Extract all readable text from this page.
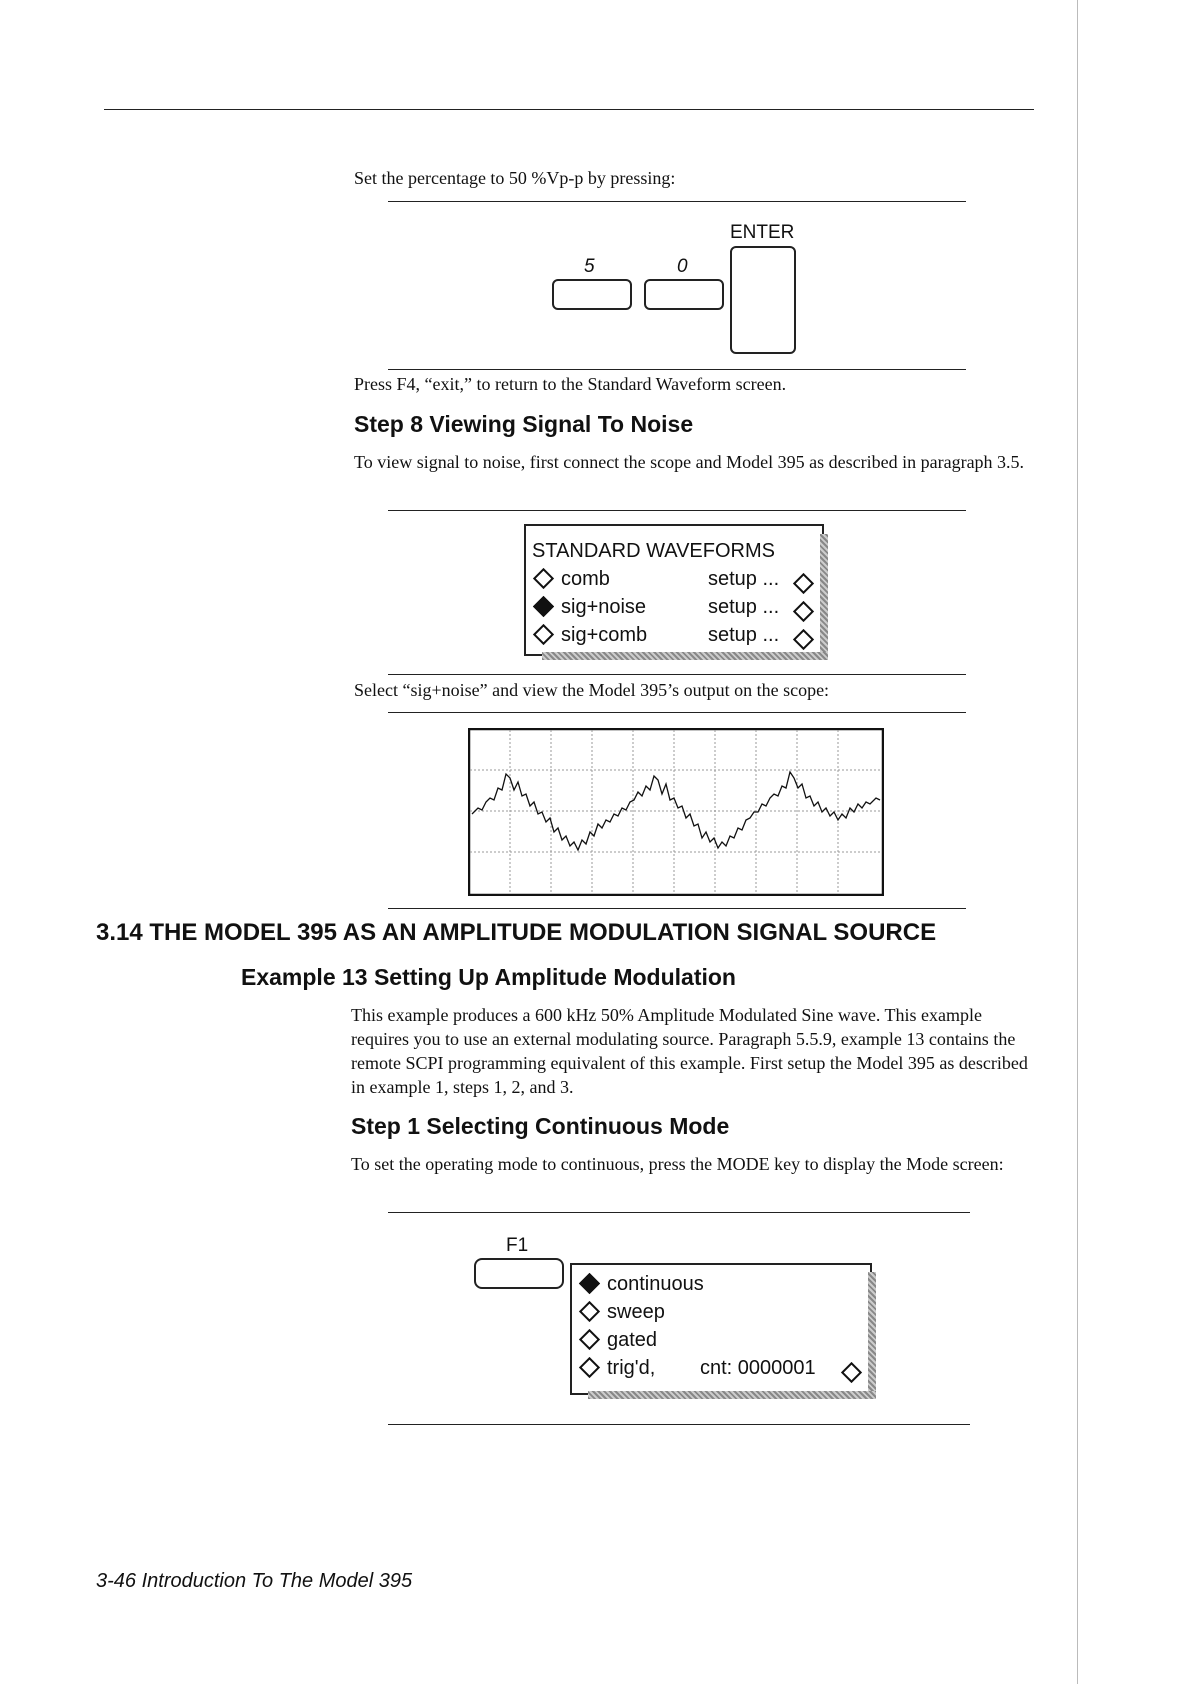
Set the percentage to 50 %Vp-p by pressing:
ENTER
5	0
Press F4, “exit,” to return to the Standard Waveform screen.
Step 8 Viewing Signal To Noise
To view signal to noise, first connect the scope and Model 395 as described in paragraph 3.5.
STANDARD WAVEFORMS
comb
sig+noise
sig+comb
setup ...
setup ...
setup ...
Select “sig+noise” and view the Model 395’s output on the scope:
3.14 THE MODEL 395 AS AN AMPLITUDE MODULATION SIGNAL SOURCE
Example 13 Setting Up Amplitude Modulation
This example produces a 600 kHz 50% Amplitude Modulated Sine wave. This example requires you to use an external modulating source. Paragraph 5.5.9, example 13 contains the remote SCPI programming equivalent of this example. First setup the Model 395 as described in example 1, steps 1, 2, and 3.
Step 1 Selecting Continuous Mode
To set the operating mode to continuous, press the MODE key to display the Mode screen:
F1
continuous
sweep
gated
trig'd, cnt: 0000001
3-46 Introduction To The Model 395
